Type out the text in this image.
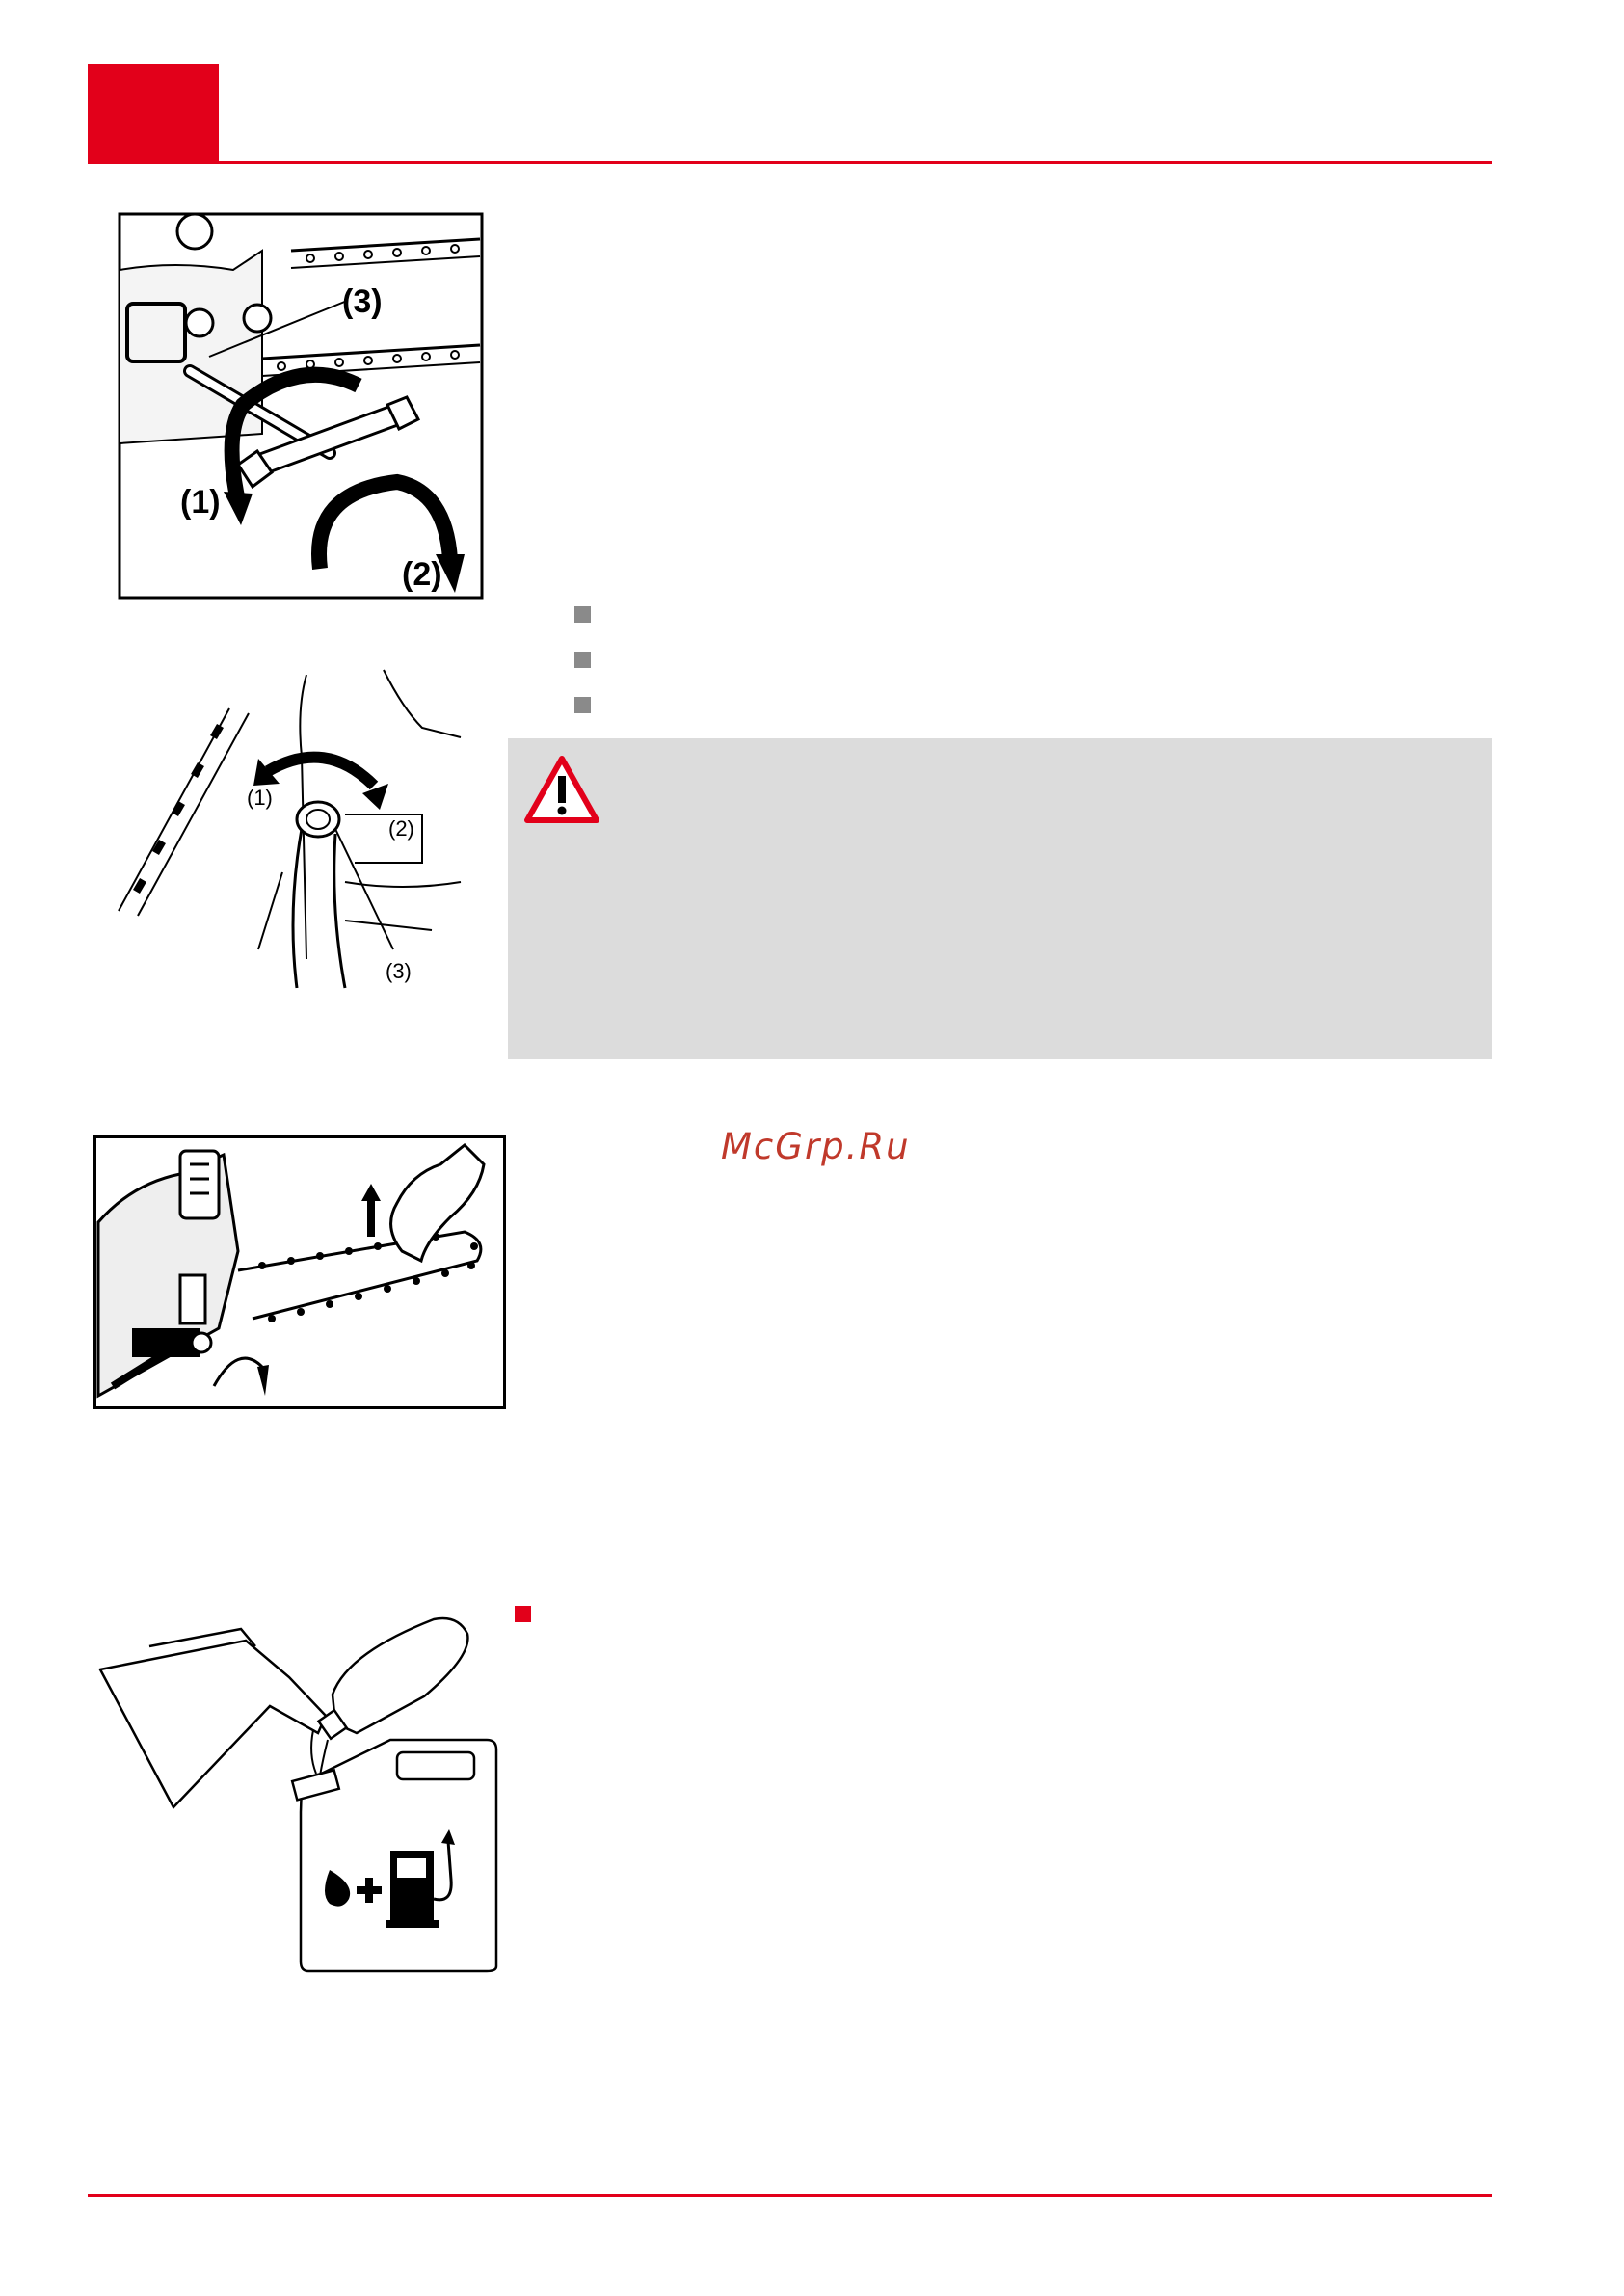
(3)
(1)
(2)
(1)
(2)
(3)
McGrp.Ru
